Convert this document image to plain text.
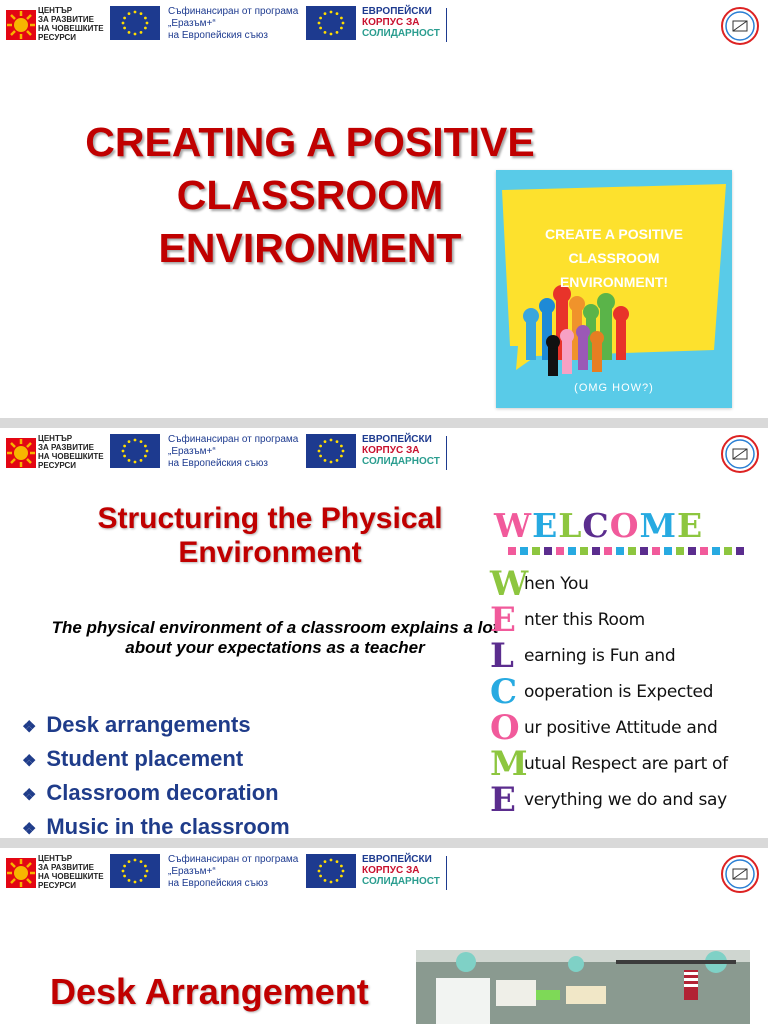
ЦЕНТЪР
ЗА РАЗВИТИЕ
НА ЧОВЕШКИТЕ
РЕСУРСИ
Съфинансиран от програма
„Еразъм+“
на Европейския съюз
ЕВРОПЕЙСКИ
КОРПУС ЗА
СОЛИДАРНОСТ
CREATING A POSITIVE
CLASSROOM
ENVIRONMENT	CREATE A POSITIVE
CLASSROOM
ENVIRONMENT!
(OMG HOW?)
ЦЕНТЪР
ЗА РАЗВИТИЕ
НА ЧОВЕШКИТЕ
РЕСУРСИ
Съфинансиран от програма
„Еразъм+“
на Европейския съюз
ЕВРОПЕЙСКИ
КОРПУС ЗА
СОЛИДАРНОСТ
Structuring the Physical
Environment
The physical environment of a classroom explains a lot about your expectations as a teacher
❖ Desk arrangements
❖ Student placement
❖ Classroom decoration
❖ Music in the classroom
WELCOME
When You
Enter this Room
Learning is Fun and
Cooperation is Expected
Our positive Attitude and
Mutual Respect are part of
Everything we do and say
ЦЕНТЪР
ЗА РАЗВИТИЕ
НА ЧОВЕШКИТЕ
РЕСУРСИ
Съфинансиран от програма
„Еразъм+“
на Европейския съюз
ЕВРОПЕЙСКИ
КОРПУС ЗА
СОЛИДАРНОСТ
Desk Arrangement
